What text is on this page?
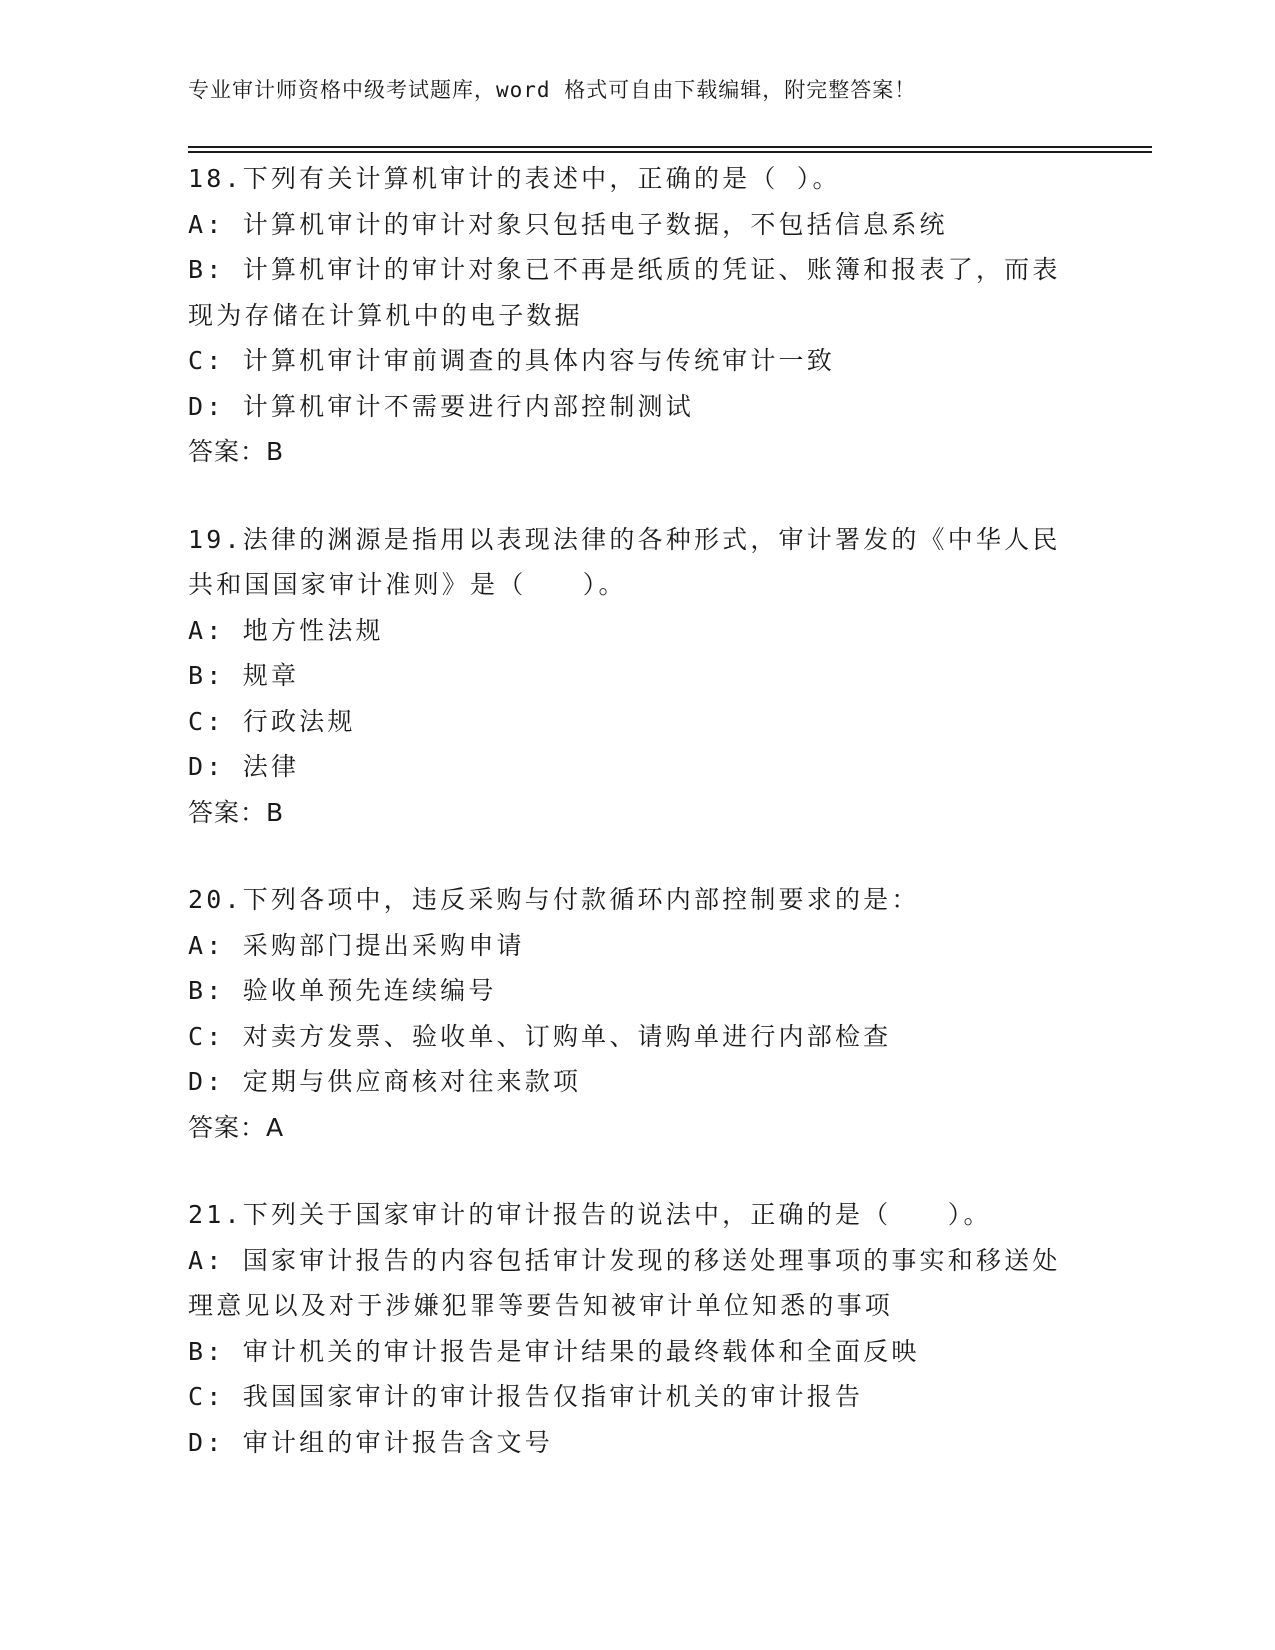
专业审计师资格中级考试题库，word 格式可自由下载编辑，附完整答案！
18.下列有关计算机审计的表述中，正确的是（ ）。
A: 计算机审计的审计对象只包括电子数据，不包括信息系统
B: 计算机审计的审计对象已不再是纸质的凭证、账簿和报表了，而表
现为存储在计算机中的电子数据
C: 计算机审计审前调查的具体内容与传统审计一致
D: 计算机审计不需要进行内部控制测试
答案：B
19.法律的渊源是指用以表现法律的各种形式，审计署发的《中华人民
共和国国家审计准则》是（　　）。
A: 地方性法规
B: 规章
C: 行政法规
D: 法律
答案：B
20.下列各项中，违反采购与付款循环内部控制要求的是：
A: 采购部门提出采购申请
B: 验收单预先连续编号
C: 对卖方发票、验收单、订购单、请购单进行内部检查
D: 定期与供应商核对往来款项
答案：A
21.下列关于国家审计的审计报告的说法中，正确的是（　　）。
A: 国家审计报告的内容包括审计发现的移送处理事项的事实和移送处
理意见以及对于涉嫌犯罪等要告知被审计单位知悉的事项
B: 审计机关的审计报告是审计结果的最终载体和全面反映
C: 我国国家审计的审计报告仅指审计机关的审计报告
D: 审计组的审计报告含文号
